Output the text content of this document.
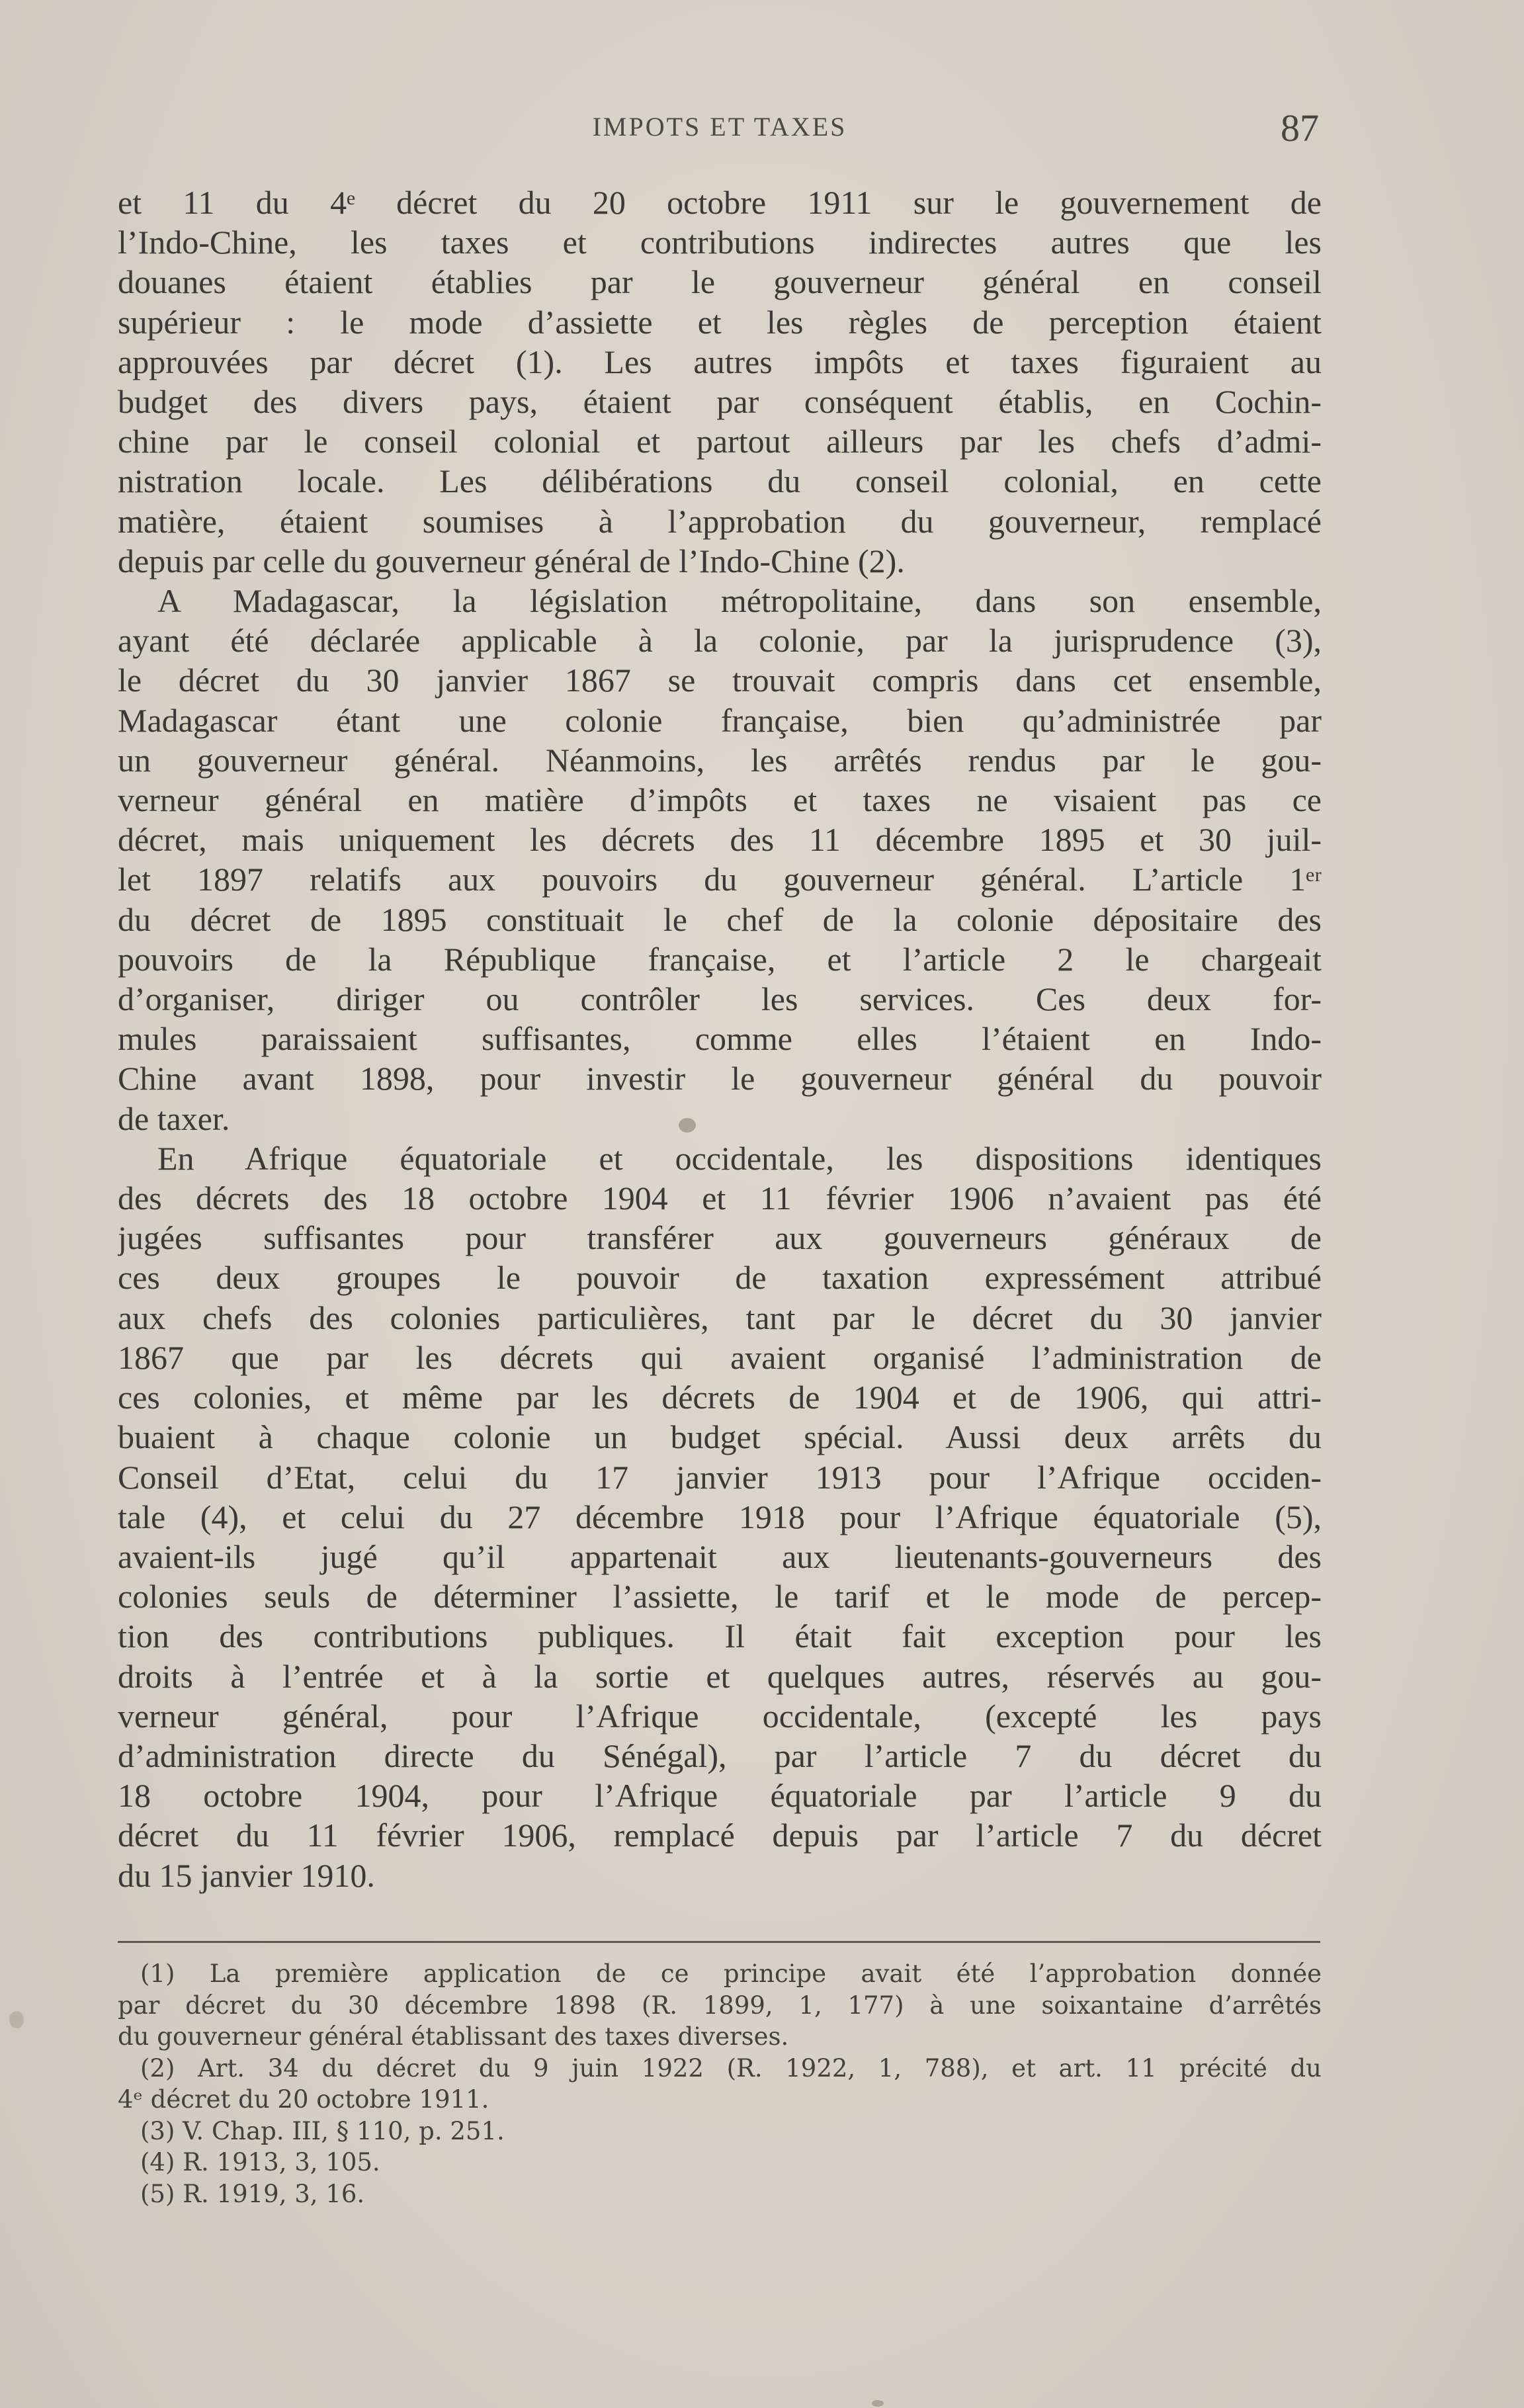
IMPOTS ET TAXES	87

et 11 du 4ᵉ décret du 20 octobre 1911 sur le gouvernement de
l’Indo-Chine, les taxes et contributions indirectes autres que les
douanes étaient établies par le gouverneur général en conseil
supérieur : le mode d’assiette et les règles de perception étaient
approuvées par décret (1). Les autres impôts et taxes figuraient au
budget des divers pays, étaient par conséquent établis, en Cochin-
chine par le conseil colonial et partout ailleurs par les chefs d’admi-
nistration locale. Les délibérations du conseil colonial, en cette
matière, étaient soumises à l’approbation du gouverneur, remplacé
depuis par celle du gouverneur général de l’Indo-Chine (2).

A Madagascar, la législation métropolitaine, dans son ensemble,
ayant été déclarée applicable à la colonie, par la jurisprudence (3),
le décret du 30 janvier 1867 se trouvait compris dans cet ensemble,
Madagascar étant une colonie française, bien qu’administrée par
un gouverneur général. Néanmoins, les arrêtés rendus par le gou-
verneur général en matière d’impôts et taxes ne visaient pas ce
décret, mais uniquement les décrets des 11 décembre 1895 et 30 juil-
let 1897 relatifs aux pouvoirs du gouverneur général. L’article 1ᵉʳ
du décret de 1895 constituait le chef de la colonie dépositaire des
pouvoirs de la République française, et l’article 2 le chargeait
d’organiser, diriger ou contrôler les services. Ces deux for-
mules paraissaient suffisantes, comme elles l’étaient en Indo-
Chine avant 1898, pour investir le gouverneur général du pouvoir
de taxer.

En Afrique équatoriale et occidentale, les dispositions identiques
des décrets des 18 octobre 1904 et 11 février 1906 n’avaient pas été
jugées suffisantes pour transférer aux gouverneurs généraux de
ces deux groupes le pouvoir de taxation expressément attribué
aux chefs des colonies particulières, tant par le décret du 30 janvier
1867 que par les décrets qui avaient organisé l’administration de
ces colonies, et même par les décrets de 1904 et de 1906, qui attri-
buaient à chaque colonie un budget spécial. Aussi deux arrêts du
Conseil d’Etat, celui du 17 janvier 1913 pour l’Afrique occiden-
tale (4), et celui du 27 décembre 1918 pour l’Afrique équatoriale (5),
avaient-ils jugé qu’il appartenait aux lieutenants-gouverneurs des
colonies seuls de déterminer l’assiette, le tarif et le mode de percep-
tion des contributions publiques. Il était fait exception pour les
droits à l’entrée et à la sortie et quelques autres, réservés au gou-
verneur général, pour l’Afrique occidentale, (excepté les pays
d’administration directe du Sénégal), par l’article 7 du décret du
18 octobre 1904, pour l’Afrique équatoriale par l’article 9 du
décret du 11 février 1906, remplacé depuis par l’article 7 du décret
du 15 janvier 1910.

(1) La première application de ce principe avait été l’approbation donnée
par décret du 30 décembre 1898 (R. 1899, 1, 177) à une soixantaine d’arrêtés
du gouverneur général établissant des taxes diverses.
(2) Art. 34 du décret du 9 juin 1922 (R. 1922, 1, 788), et art. 11 précité du
4ᵉ décret du 20 octobre 1911.
(3) V. Chap. III, § 110, p. 251.
(4) R. 1913, 3, 105.
(5) R. 1919, 3, 16.
